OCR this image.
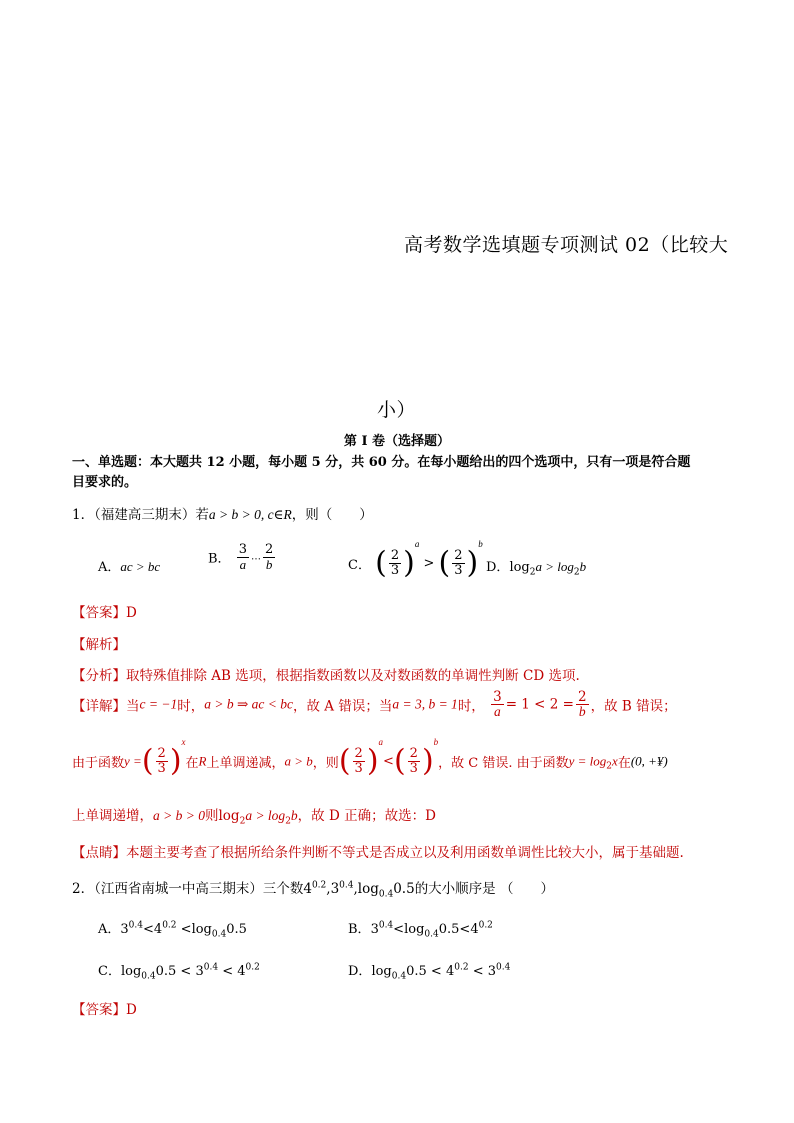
高考数学选填题专项测试 02（比较大
小）
第 I 卷（选择题）
一、单选题：本大题共 12 小题，每小题 5 分，共 60 分。在每小题给出的四个选项中，只有一项是符合题
目要求的。
1．（福建高三期末）若a > b > 0, c∈R，则（　　）
A．ac > bc	B． $\frac{3}{a}$ … $\frac{2}{b}$	C． ( $\frac{2}{3} )^a$ > ( $\frac{2}{3} )^b$
D．$\log_2a > \log_2b$
【答案】D
【解析】
【分析】取特殊值排除 AB 选项，根据指数函数以及对数函数的单调性判断 CD 选项.
【详解】当c = −1时，a > b ⇒ ac < bc，故 A 错误；当a = 3, b = 1时， $\frac{3}{a} = 1 < 2 = \frac{2}{b}$ ，故 B 错误；
由于函数y =( $\frac{2}{3} )^x$在R上单调递减，a > b，则( $\frac{2}{3} )^a<( \frac{2}{3} )^b$，故 C 错误. 由于函数$y = \log_2x$在(0, +¥)
上单调递增，a > b > 0则$\log_2a > \log_2b$，故 D 正确；故选：D
【点睛】本题主要考查了根据所给条件判断不等式是否成立以及利用函数单调性比较大小，属于基础题.
2．（江西省南城一中高三期末）三个数$4^{0.2},3^{0.4},\log_{0.4}0.5$的大小顺序是 （　　）
A．$3^{0.4}<4^{0.2} <\log_{0.4}0.5$	B．$3^{0.4}<\log_{0.4}0.5<4^{0.2}$
C．$\log_{0.4}0.5 < 3^{0.4} < 4^{0.2}$	D．$\log_{0.4}0.5 < 4^{0.2} < 3^{0.4}$
【答案】D
